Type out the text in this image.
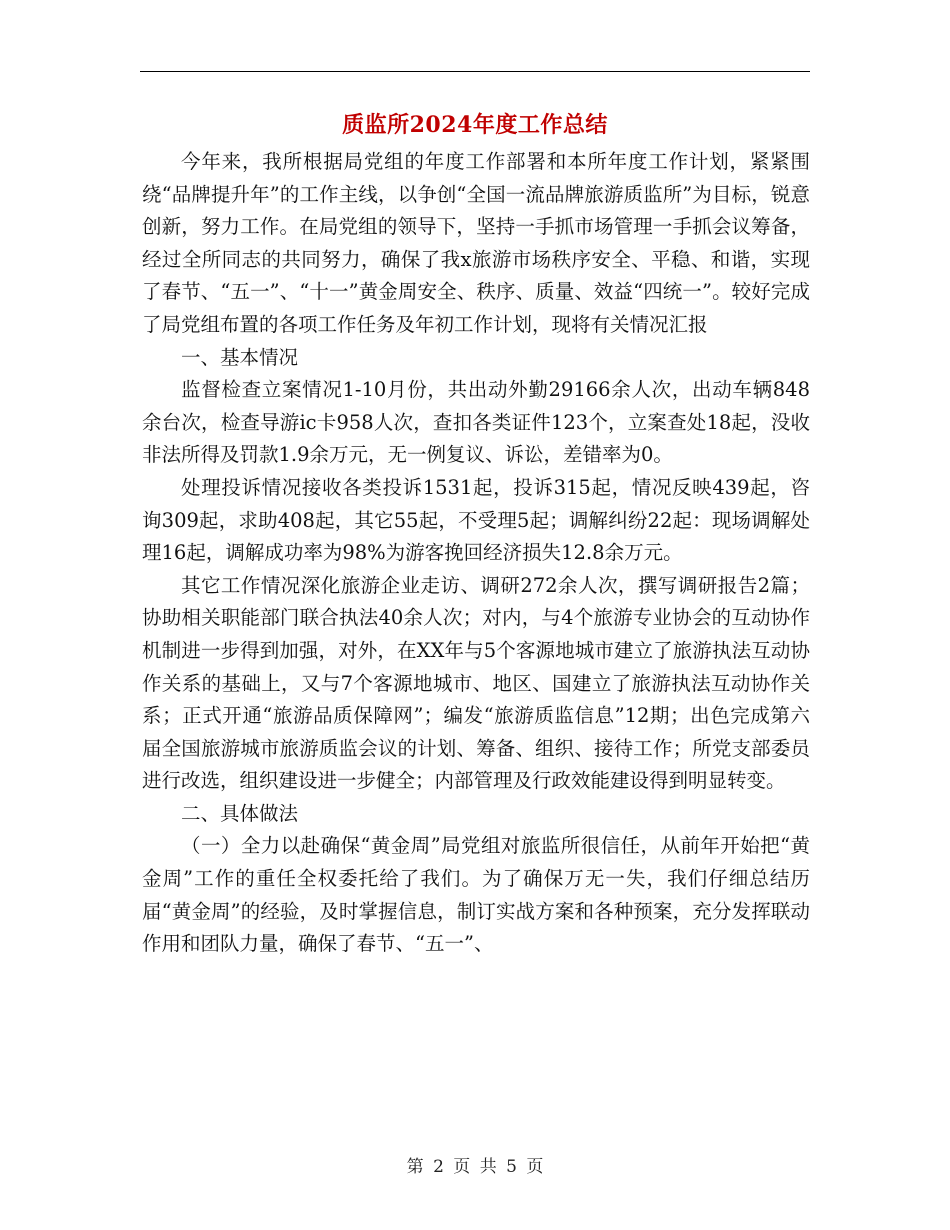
质监所2024年度工作总结

今年来，我所根据局党组的年度工作部署和本所年度工作计划，紧紧围绕“品牌提升年”的工作主线，以争创“全国一流品牌旅游质监所”为目标，锐意创新，努力工作。在局党组的领导下，坚持一手抓市场管理一手抓会议筹备，经过全所同志的共同努力，确保了我x旅游市场秩序安全、平稳、和谐，实现了春节、“五一”、“十一”黄金周安全、秩序、质量、效益“四统一”。较好完成了局党组布置的各项工作任务及年初工作计划，现将有关情况汇报

一、基本情况

监督检查立案情况1-10月份，共出动外勤29166余人次，出动车辆848余台次，检查导游ic卡958人次，查扣各类证件123个，立案查处18起，没收非法所得及罚款1.9余万元，无一例复议、诉讼，差错率为0。

处理投诉情况接收各类投诉1531起，投诉315起，情况反映439起，咨询309起，求助408起，其它55起，不受理5起；调解纠纷22起：现场调解处理16起，调解成功率为98%为游客挽回经济损失12.8余万元。

其它工作情况深化旅游企业走访、调研272余人次，撰写调研报告2篇；协助相关职能部门联合执法40余人次；对内，与4个旅游专业协会的互动协作机制进一步得到加强，对外，在XX年与5个客源地城市建立了旅游执法互动协作关系的基础上，又与7个客源地城市、地区、国建立了旅游执法互动协作关系；正式开通“旅游品质保障网”；编发“旅游质监信息”12期；出色完成第六届全国旅游城市旅游质监会议的计划、筹备、组织、接待工作；所党支部委员进行改选，组织建设进一步健全；内部管理及行政效能建设得到明显转变。

二、具体做法

（一）全力以赴确保“黄金周”局党组对旅监所很信任，从前年开始把“黄金周”工作的重任全权委托给了我们。为了确保万无一失，我们仔细总结历届“黄金周”的经验，及时掌握信息，制订实战方案和各种预案，充分发挥联动作用和团队力量，确保了春节、“五一”、

第 2 页 共 5 页
